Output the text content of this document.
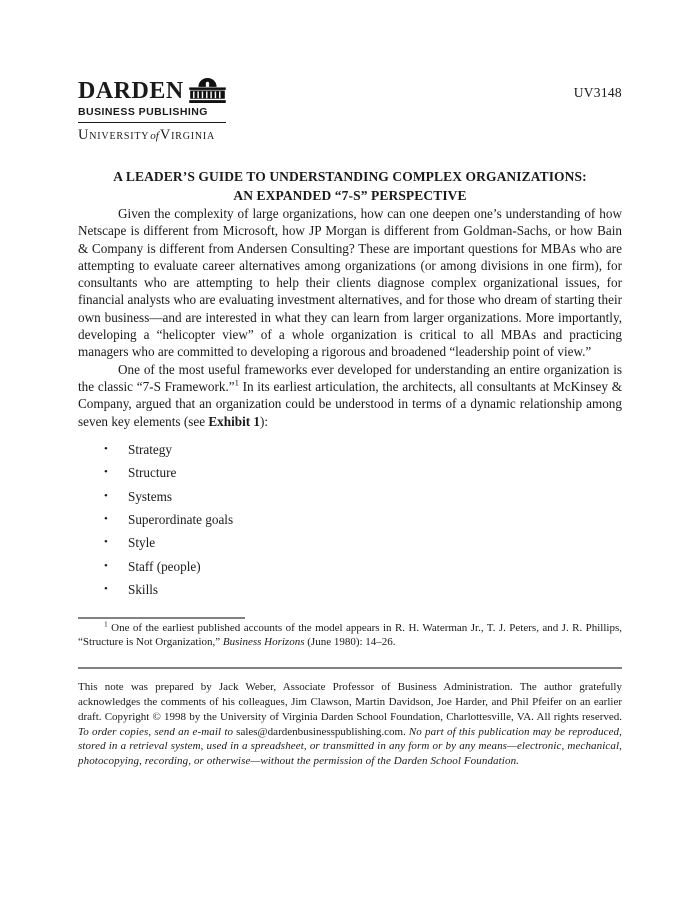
DARDEN
BUSINESS PUBLISHING
UNIVERSITYofVIRGINIA
UV3148
A LEADER’S GUIDE TO UNDERSTANDING COMPLEX ORGANIZATIONS:
AN EXPANDED “7-S” PERSPECTIVE

Given the complexity of large organizations, how can one deepen one’s understanding of how Netscape is different from Microsoft, how JP Morgan is different from Goldman-Sachs, or how Bain & Company is different from Andersen Consulting? These are important questions for MBAs who are attempting to evaluate career alternatives among organizations (or among divisions in one firm), for consultants who are attempting to help their clients diagnose complex organizational issues, for financial analysts who are evaluating investment alternatives, and for those who dream of starting their own business—and are interested in what they can learn from larger organizations. More importantly, developing a “helicopter view” of a whole organization is critical to all MBAs and practicing managers who are committed to developing a rigorous and broadened “leadership point of view.”

One of the most useful frameworks ever developed for understanding an entire organization is the classic “7-S Framework.”$^1$ In its earliest articulation, the architects, all consultants at McKinsey & Company, argued that an organization could be understood in terms of a dynamic relationship among seven key elements (see Exhibit 1):

•	Strategy
•	Structure
•	Systems
•	Superordinate goals
•	Style
•	Staff (people)
•	Skills

$^1$ One of the earliest published accounts of the model appears in R. H. Waterman Jr., T. J. Peters, and J. R. Phillips, “Structure is Not Organization,” Business Horizons (June 1980): 14–26.

This note was prepared by Jack Weber, Associate Professor of Business Administration. The author gratefully acknowledges the comments of his colleagues, Jim Clawson, Martin Davidson, Joe Harder, and Phil Pfeifer on an earlier draft. Copyright © 1998 by the University of Virginia Darden School Foundation, Charlottesville, VA. All rights reserved. To order copies, send an e-mail to sales@dardenbusinesspublishing.com. No part of this publication may be reproduced, stored in a retrieval system, used in a spreadsheet, or transmitted in any form or by any means—electronic, mechanical, photocopying, recording, or otherwise—without the permission of the Darden School Foundation.
